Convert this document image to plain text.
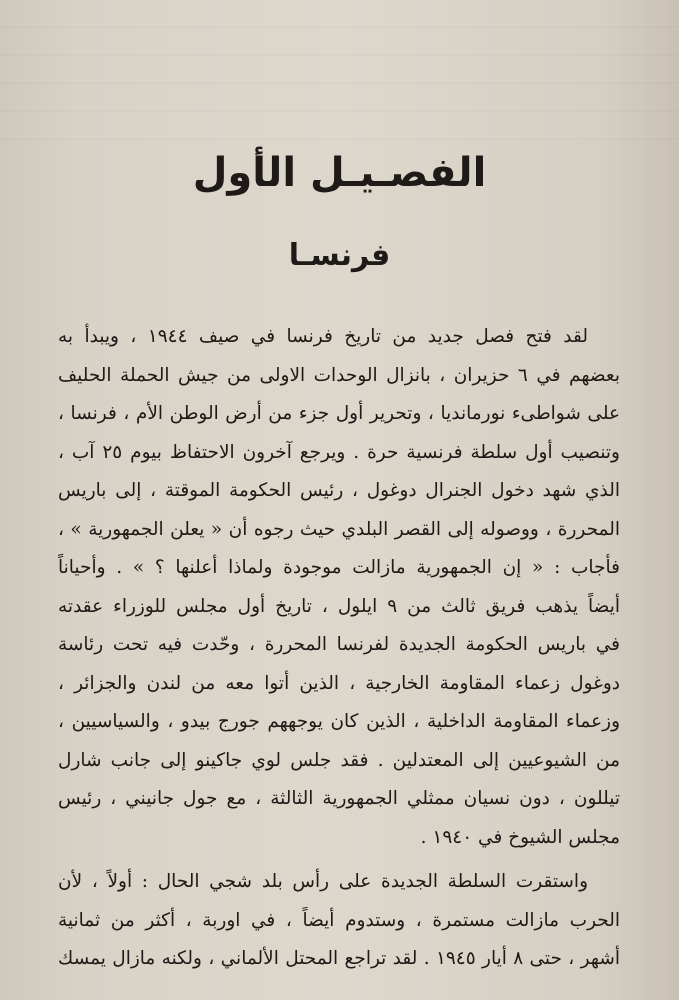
الفصـيـل الأول
فرنسـا
لقد فتح فصل جديد من تاريخ فرنسا في صيف ١٩٤٤ ، ويبدأ به
بعضهم في ٦ حزيران ، بانزال الوحدات الاولى من جيش الحملة الحليف
على شواطىء نورماندیا ، وتحرير أول جزء من أرض الوطن الأم ، فرنسا ،
وتنصيب أول سلطة فرنسية حرة . ويرجع آخرون الاحتفاظ بيوم ٢٥ آب ،
الذي شهد دخول الجنرال دوغول ، رئيس الحكومة الموقتة ، إلى باريس
المحررة ، ووصوله إلى القصر البلدي حيث رجوه أن « يعلن الجمهورية » ،
فأجاب : « إن الجمهورية مازالت موجودة ولماذا أعلنها ؟ » . وأحياناً
أيضاً يذهب فريق ثالث من ٩ ايلول ، تاريخ أول مجلس للوزراء عقدته
في باريس الحكومة الجديدة لفرنسا المحررة ، وحّدت فيه تحت رئاسة
دوغول زعماء المقاومة الخارجية ، الذين أتوا معه من لندن والجزائر ،
وزعماء المقاومة الداخلية ، الذين كان يوجههم جورج بيدو ، والسياسيين ،
من الشيوعيين إلى المعتدلين . فقد جلس لوي جاكينو إلى جانب شارل
تيللون ، دون نسيان ممثلي الجمهورية الثالثة ، مع جول جانيني ، رئيس
مجلس الشيوخ في ١٩٤٠ .
واستقرت السلطة الجديدة على رأس بلد شجي الحال : أولاً ، لأن
الحرب مازالت مستمرة ، وستدوم أيضاً ، في اوربة ، أكثر من ثمانية
أشهر ، حتى ٨ أيار ١٩٤٥ . لقد تراجع المحتل الألماني ، ولكنه مازال يمسك
